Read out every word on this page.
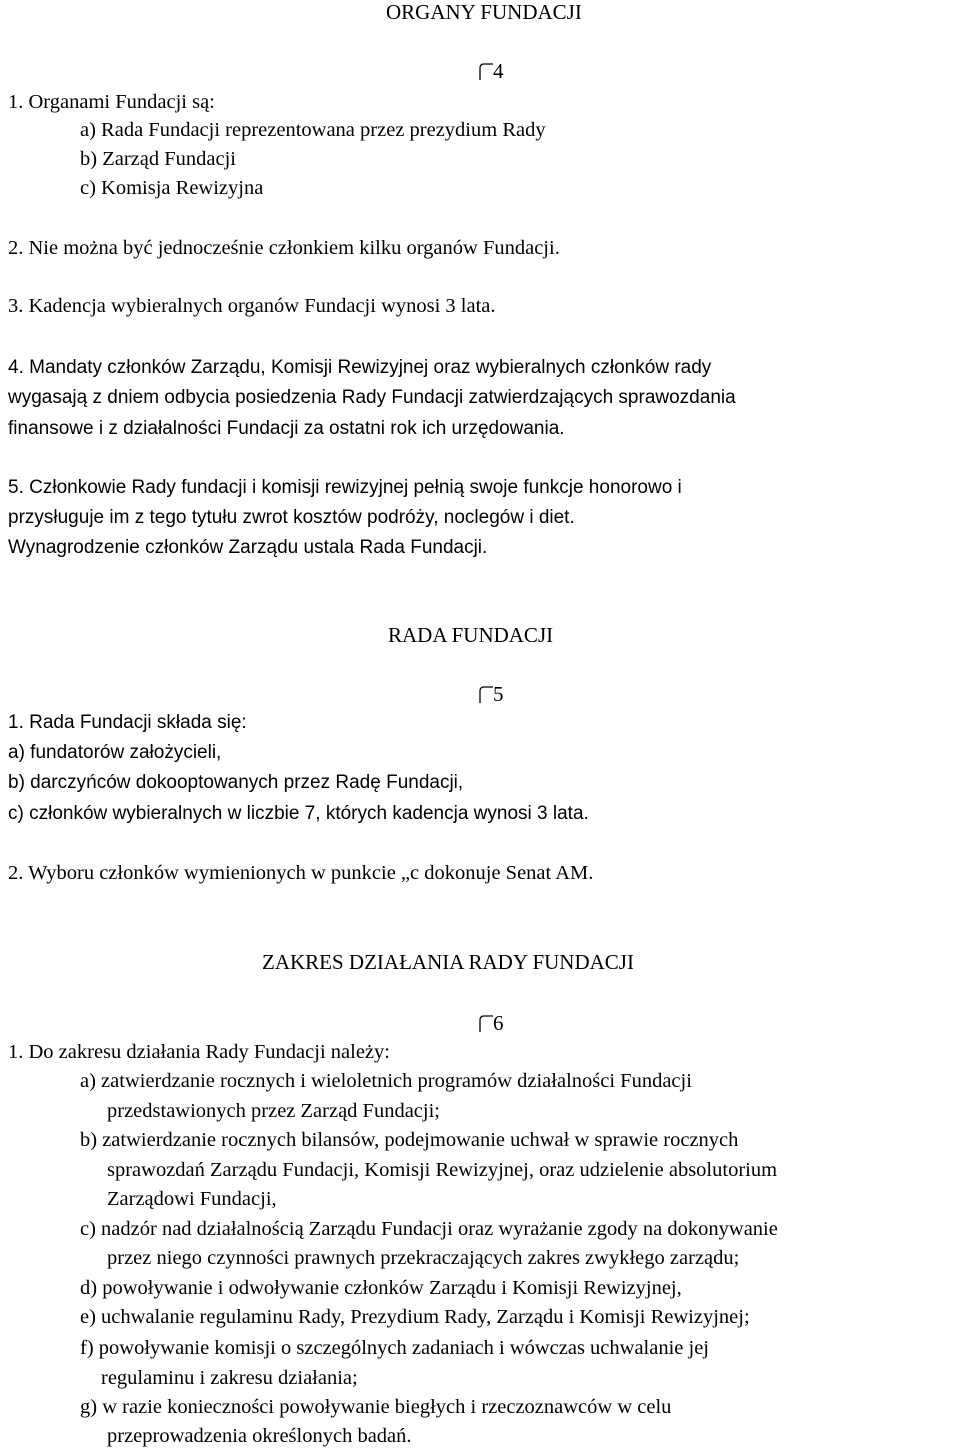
ORGANY FUNDACJI
4
1. Organami Fundacji są:
a) Rada Fundacji reprezentowana przez prezydium Rady
b) Zarząd Fundacji
c) Komisja Rewizyjna
2. Nie można być jednocześnie członkiem kilku organów Fundacji.
3. Kadencja wybieralnych organów Fundacji wynosi 3 lata.
4. Mandaty członków Zarządu, Komisji Rewizyjnej oraz wybieralnych członków rady
wygasają z dniem odbycia posiedzenia Rady Fundacji zatwierdzających sprawozdania
finansowe i z działalności Fundacji za ostatni rok ich urzędowania.
5. Członkowie Rady fundacji i komisji rewizyjnej pełnią swoje funkcje honorowo i
przysługuje im z tego tytułu zwrot kosztów podróży, noclegów i diet.
Wynagrodzenie członków Zarządu ustala Rada Fundacji.
RADA FUNDACJI
5
1. Rada Fundacji składa się:
a) fundatorów założycieli,
b) darczyńców dokooptowanych przez Radę Fundacji,
c) członków wybieralnych w liczbie 7, których kadencja wynosi 3 lata.
2. Wyboru członków wymienionych w punkcie „c dokonuje Senat AM.
ZAKRES DZIAŁANIA RADY FUNDACJI
6
1. Do zakresu działania Rady Fundacji należy:
a) zatwierdzanie rocznych i wieloletnich programów działalności Fundacji
przedstawionych przez Zarząd Fundacji;
b) zatwierdzanie rocznych bilansów, podejmowanie uchwał w sprawie rocznych
sprawozdań Zarządu Fundacji, Komisji Rewizyjnej, oraz udzielenie absolutorium
Zarządowi Fundacji,
c) nadzór nad działalnością Zarządu Fundacji oraz wyrażanie zgody na dokonywanie
przez niego czynności prawnych przekraczających zakres zwykłego zarządu;
d) powoływanie i odwoływanie członków Zarządu i Komisji Rewizyjnej,
e) uchwalanie regulaminu Rady, Prezydium Rady, Zarządu i Komisji Rewizyjnej;
f) powoływanie komisji o szczególnych zadaniach i wówczas uchwalanie jej
regulaminu i zakresu działania;
g) w razie konieczności powoływanie biegłych i rzeczoznawców w celu
przeprowadzenia określonych badań.
